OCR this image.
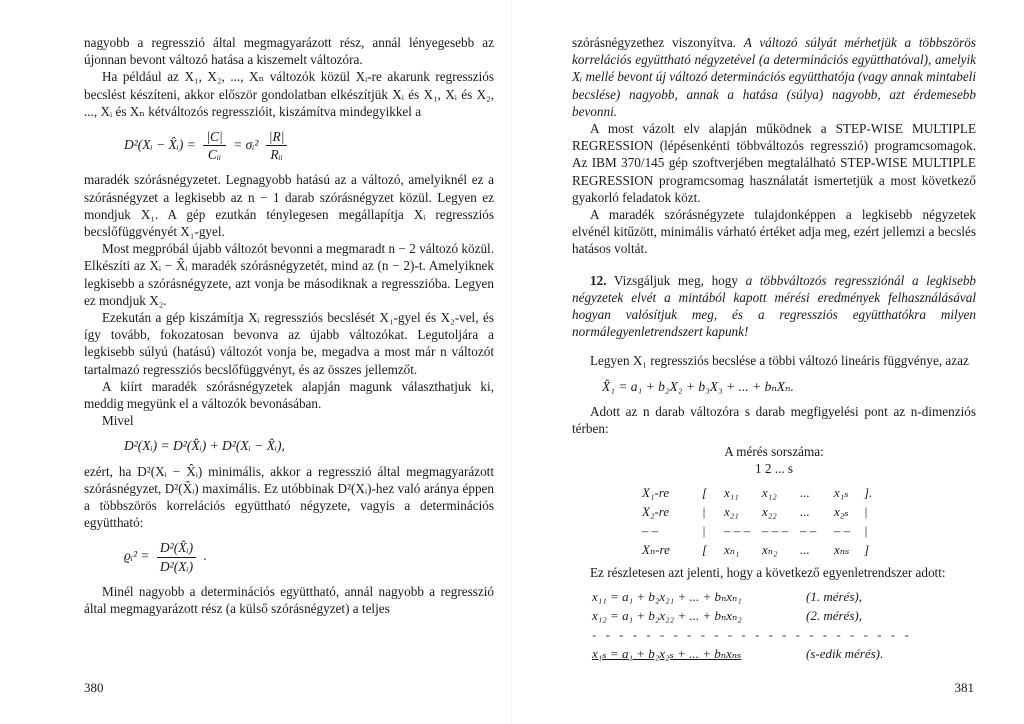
nagyobb a regresszió által megmagyarázott rész, annál lényegesebb az újonnan bevont változó hatása a kiszemelt változóra.

Ha például az X₁, X₂, ..., Xₙ változók közül Xᵢ-re akarunk regressziós becslést készíteni, akkor először gondolatban elkészítjük Xᵢ és X₁, Xᵢ és X₂, ..., Xᵢ és Xₙ kétváltozós regresszióit, kiszámítva mindegyikkel a

D²(Xᵢ − X̂ᵢ) = $\frac{|C|}{\text{Cᵢᵢ}}$ = σᵢ² $\frac{|R|}{\text{Rᵢᵢ}}$

maradék szórásnégyzetet. Legnagyobb hatású az a változó, amelyiknél ez a szórásnégyzet a legkisebb az n − 1 darab szórásnégyzet közül. Legyen ez mondjuk X₁. A gép ezutkán ténylegesen megállapítja Xᵢ regressziós becslőfüggvényét X₁-gyel.

Most megpróbál újabb változót bevonni a megmaradt n − 2 változó közül. Elkészíti az Xᵢ − X̂ᵢ maradék szórásnégyzetét, mind az (n − 2)-t. Amelyiknek legkisebb a szórásnégyzete, azt vonja be másodiknak a regresszióba. Legyen ez mondjuk X₂.

Ezekután a gép kiszámítja Xᵢ regressziós becslését X₁-gyel és X₂-vel, és így tovább, fokozatosan bevonva az újabb változókat. Legutoljára a legkisebb súlyú (hatású) változót vonja be, megadva a most már n változót tartalmazó regressziós becslőfüggvényt, és az összes jellemzőt.

A kiírt maradék szórásnégyzetek alapján magunk választhatjuk ki, meddig megyünk el a változók bevonásában.

Mivel

D²(Xᵢ) = D²(X̂ᵢ) + D²(Xᵢ − X̂ᵢ),

ezért, ha D²(Xᵢ − X̂ᵢ) minimális, akkor a regresszió által megmagyarázott szórásnégyzet, D²(X̂ᵢ) maximális. Ez utóbbinak D²(Xᵢ)-hez való aránya éppen a többszörös korrelációs együttható négyzete, vagyis a determinációs együttható:

ϱᵢ² = $\frac{\text{D²(X̂ᵢ)}}{\text{D²(Xᵢ)}}$ .

Minél nagyobb a determinációs együttható, annál nagyobb a regresszió által megmagyarázott rész (a külső szórásnégyzet) a teljes

380

szórásnégyzethez viszonyítva. A változó súlyát mérhetjük a többszörös korrelációs együttható négyzetével (a determinációs együtthatóval), amelyik Xᵢ mellé bevont új változó determinációs együtthatója (vagy annak mintabeli becslése) nagyobb, annak a hatása (súlya) nagyobb, azt érdemesebb bevonni.

A most vázolt elv alapján működnek a STEP-WISE MULTIPLE REGRESSION (lépésenkénti többváltozós regresszió) programcsomagok. Az IBM 370/145 gép szoftverjében megtalálható STEP-WISE MULTIPLE REGRESSION programcsomag használatát ismertetjük a most következő gyakorló feladatok közt.

A maradék szórásnégyzete tulajdonképpen a legkisebb négyzetek elvénél kitűzött, minimális várható értéket adja meg, ezért jellemzi a becslés hatásos voltát.

12. Vizsgáljuk meg, hogy a többváltozós regressziónál a legkisebb négyzetek elvét a mintából kapott mérési eredmények felhasználásával hogyan valósítjuk meg, és a regressziós együtthatókra milyen normálegyenletrendszert kapunk!

Legyen X₁ regressziós becslése a többi változó lineáris függvénye, azaz

X̂₁ = a₁ + b₂X₂ + b₃X₃ + ... + bₙXₙ.

Adott az n darab változóra s darab megfigyelési pont az n-dimenziós térben:

A mérés sorszáma:
1 2 ... s
X₁-re	[	x₁₁	x₁₂	...	x₁ₛ	].
X₂-re	|	x₂₁	x₂₂	...	x₂ₛ	|
– –	|	– – – – – – – –	– –	|
Xₙ-re	[	xₙ₁	xₙ₂	...	xₙₛ	]

Ez részletesen azt jelenti, hogy a következő egyenletrendszer adott:

x₁₁ = a₁ + b₂x₂₁ + ... + bₙxₙ₁	(1. mérés),
x₁₂ = a₁ + b₂x₂₂ + ... + bₙxₙ₂	(2. mérés),
- - - - - - - - - - - - - - - - - - - - - - - -
x₁ₛ = a₁ + b₂x₂ₛ + ... + bₙxₙₛ	(s-edik mérés).
381
